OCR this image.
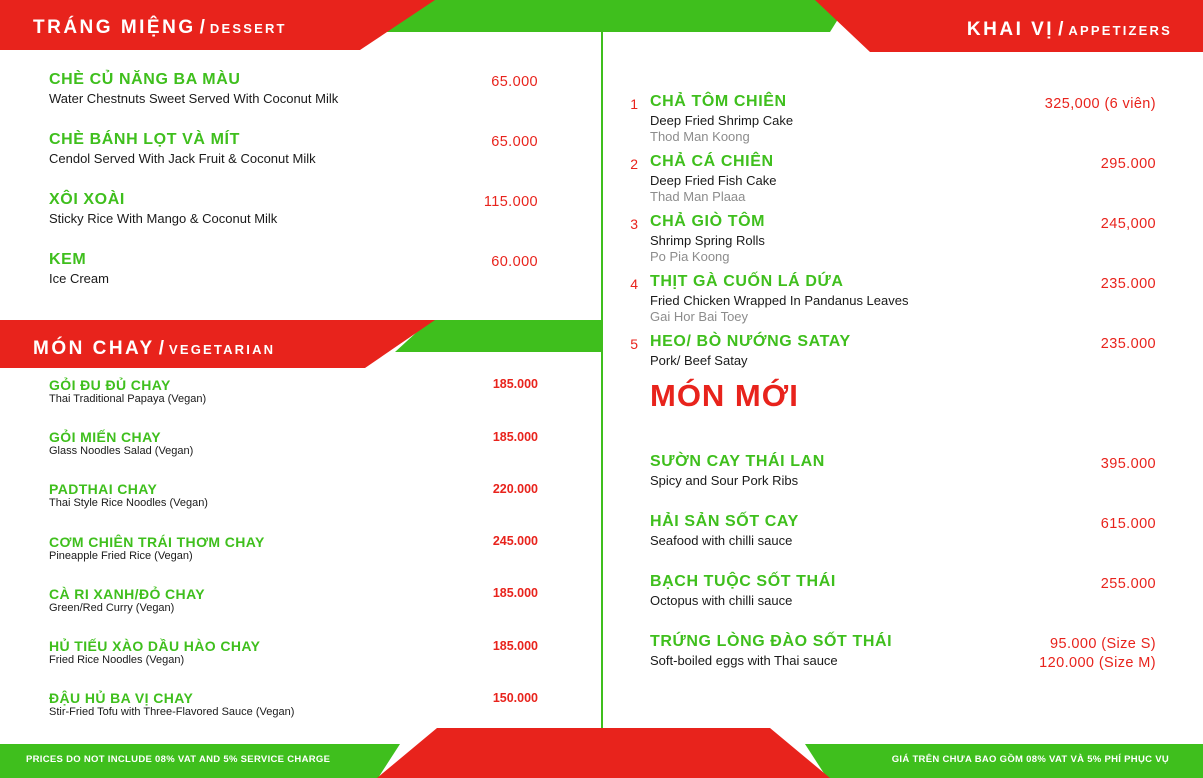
TRÁNG MIỆNG / DESSERT
CHÈ CỦ NĂNG BA MÀU
Water Chestnuts Sweet Served With Coconut Milk
65.000
CHÈ BÁNH LỌT VÀ MÍT
Cendol Served With Jack Fruit & Coconut Milk
65.000
XÔI XOÀI
Sticky Rice With Mango & Coconut Milk
115.000
KEM
Ice Cream
60.000
MÓN CHAY / VEGETARIAN
GỎI ĐU ĐỦ CHAY
Thai Traditional Papaya (Vegan)
185.000
GỎI MIẾN CHAY
Glass Noodles Salad (Vegan)
185.000
PADTHAI CHAY
Thai Style Rice Noodles (Vegan)
220.000
CƠM CHIÊN TRÁI THƠM CHAY
Pineapple Fried Rice (Vegan)
245.000
CÀ RI XANH/ĐỎ CHAY
Green/Red Curry (Vegan)
185.000
HỦ TIẾU XÀO DẦU HÀO CHAY
Fried Rice Noodles (Vegan)
185.000
ĐẬU HỦ BA VỊ CHAY
Stir-Fried Tofu with Three-Flavored Sauce (Vegan)
150.000
KHAI VỊ / APPETIZERS
1 CHẢ TÔM CHIÊN
Deep Fried Shrimp Cake
Thod Man Koong
325,000 (6 viên)
2 CHẢ CÁ CHIÊN
Deep Fried Fish Cake
Thad Man Plaaa
295.000
3 CHẢ GIÒ TÔM
Shrimp Spring Rolls
Po Pia Koong
245,000
4 THỊT GÀ CUỐN LÁ DỨA
Fried Chicken Wrapped In Pandanus Leaves
Gai Hor Bai Toey
235.000
5 HEO/ BÒ NƯỚNG SATAY
Pork/ Beef Satay
235.000
MÓN MỚI
SƯỜN CAY THÁI LAN
Spicy and Sour Pork Ribs
395.000
HẢI SẢN SỐT CAY
Seafood with chilli sauce
615.000
BẠCH TUỘC SỐT THÁI
Octopus with chilli sauce
255.000
TRỨNG LÒNG ĐÀO SỐT THÁI
Soft-boiled eggs with Thai sauce
95.000 (Size S)
120.000 (Size M)
PRICES DO NOT INCLUDE 08% VAT AND 5% SERVICE CHARGE	GIÁ TRÊN CHƯA BAO GỒM 08% VAT VÀ 5% PHÍ PHỤC VỤ
